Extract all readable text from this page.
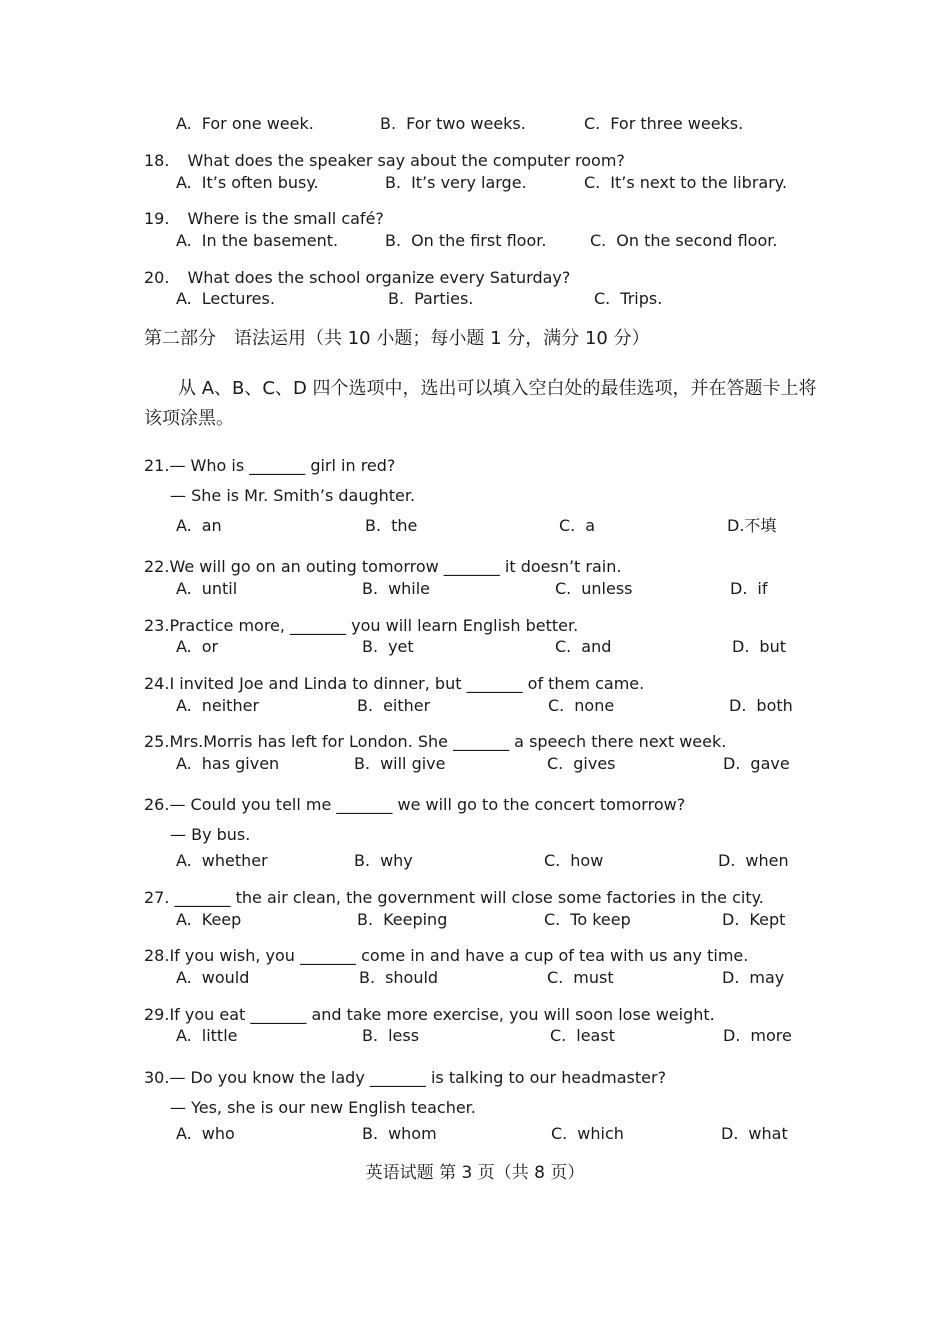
A. For one week.	B. For two weeks.	C. For three weeks.
18. What does the speaker say about the computer room?
A. It’s often busy.	B. It’s very large.	C. It’s next to the library.
19. Where is the small café?
A. In the basement.	B. On the first floor.	C. On the second floor.
20. What does the school organize every Saturday?
A. Lectures.	B. Parties.	C. Trips.
第二部分　语法运用（共 10 小题；每小题 1 分，满分 10 分）
从 A、B、C、D 四个选项中，选出可以填入空白处的最佳选项，并在答题卡上将
该项涂黑。
21.— Who is _______ girl in red?
— She is Mr. Smith’s daughter.
A. an	B. the	C. a	D.不填
22.We will go on an outing tomorrow _______ it doesn’t rain.
A. until	B. while	C. unless	D. if
23.Practice more, _______ you will learn English better.
A. or	B. yet	C. and	D. but
24.I invited Joe and Linda to dinner, but _______ of them came.
A. neither	B. either	C. none	D. both
25.Mrs.Morris has left for London. She _______ a speech there next week.
A. has given	B. will give	C. gives	D. gave
26.— Could you tell me _______ we will go to the concert tomorrow?
— By bus.
A. whether	B. why	C. how	D. when
27. _______ the air clean, the government will close some factories in the city.
A. Keep	B. Keeping	C. To keep	D. Kept
28.If you wish, you _______ come in and have a cup of tea with us any time.
A. would	B. should	C. must	D. may
29.If you eat _______ and take more exercise, you will soon lose weight.
A. little	B. less	C. least	D. more
30.— Do you know the lady _______ is talking to our headmaster?
— Yes, she is our new English teacher.
A. who	B. whom	C. which	D. what
英语试题 第 3 页（共 8 页）
